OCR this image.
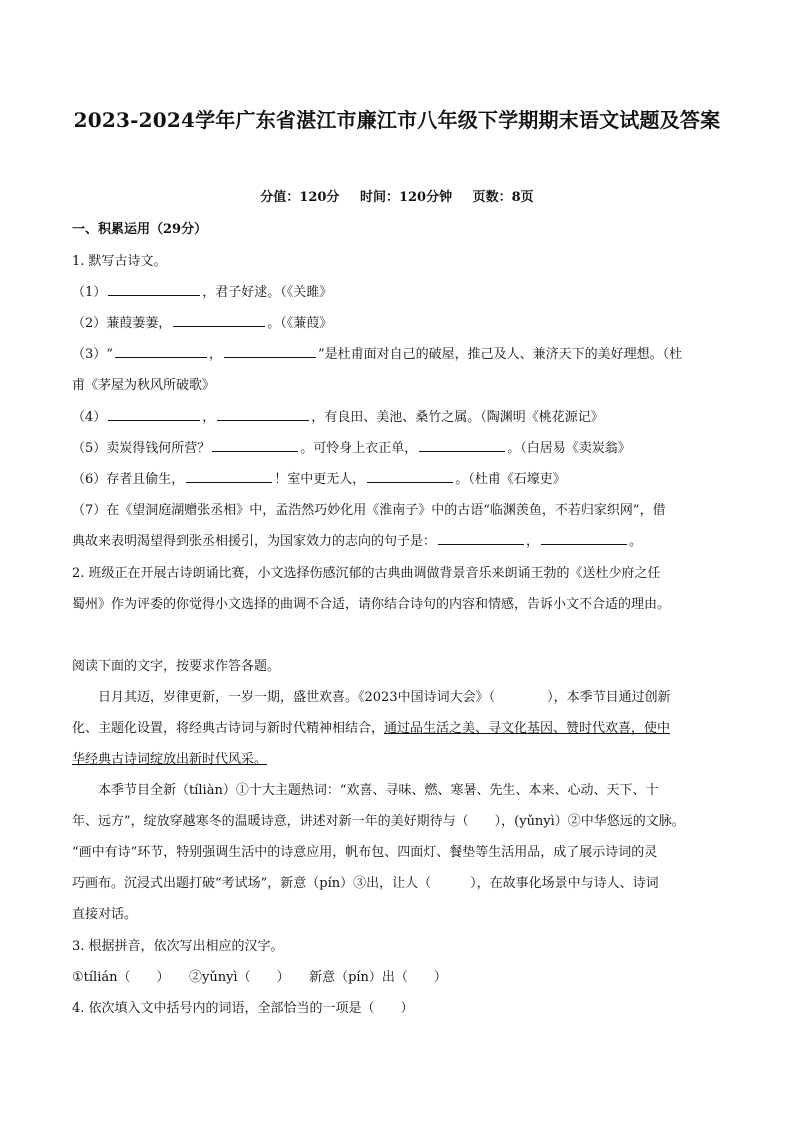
2023-2024学年广东省湛江市廉江市八年级下学期期末语文试题及答案
分值：120分 时间：120分钟 页数：8页
一、积累运用（29分）
1. 默写古诗文。
（1）	，君子好逑。（《关雎》
（2）蒹葭萋萋，	。（《蒹葭》
（3）“	，	”是杜甫面对自己的破屋，推己及人、兼济天下的美好理想。（杜
甫《茅屋为秋风所破歌》
（4）	，	，有良田、美池、桑竹之属。（陶渊明《桃花源记》
（5）卖炭得钱何所营？	。可怜身上衣正单，	。（白居易《卖炭翁》
（6）存者且偷生，	！室中更无人，	。（杜甫《石壕吏》
（7）在《望洞庭湖赠张丞相》中，孟浩然巧妙化用《淮南子》中的古语“临渊羡鱼，不若归家织网”，借
典故来表明渴望得到张丞相援引，为国家效力的志向的句子是：	，	。
2. 班级正在开展古诗朗诵比赛，小文选择伤感沉郁的古典曲调做背景音乐来朗诵王勃的《送杜少府之任
蜀州》作为评委的你觉得小文选择的曲调不合适，请你结合诗句的内容和情感，告诉小文不合适的理由。
阅读下面的文字，按要求作答各题。
日月其迈，岁律更新，一岁一期，盛世欢喜。《2023中国诗词大会》（　　　　），本季节目通过创新
化、主题化设置，将经典古诗词与新时代精神相结合，通过品生活之美、寻文化基因、赞时代欢喜，使中
华经典古诗词绽放出新时代风采。
本季节目全新（tíliàn）①十大主题热词：“欢喜、寻味、燃、寒暑、先生、本来、心动、天下、十
年、远方”，绽放穿越寒冬的温暖诗意，讲述对新一年的美好期待与（　　），(yǔnyì）②中华悠远的文脉。
“画中有诗”环节，特别强调生活中的诗意应用，帆布包、四面灯、餐垫等生活用品，成了展示诗词的灵
巧画布。沉浸式出题打破“考试场”，新意（pín）③出，让人（　　　），在故事化场景中与诗人、诗词
直接对话。
3. 根据拼音，依次写出相应的汉字。
①tílián（　　）　　②yǔnyì（　　）　　新意（pín）出（　　）
4. 依次填入文中括号内的词语，全部恰当的一项是（　　）
